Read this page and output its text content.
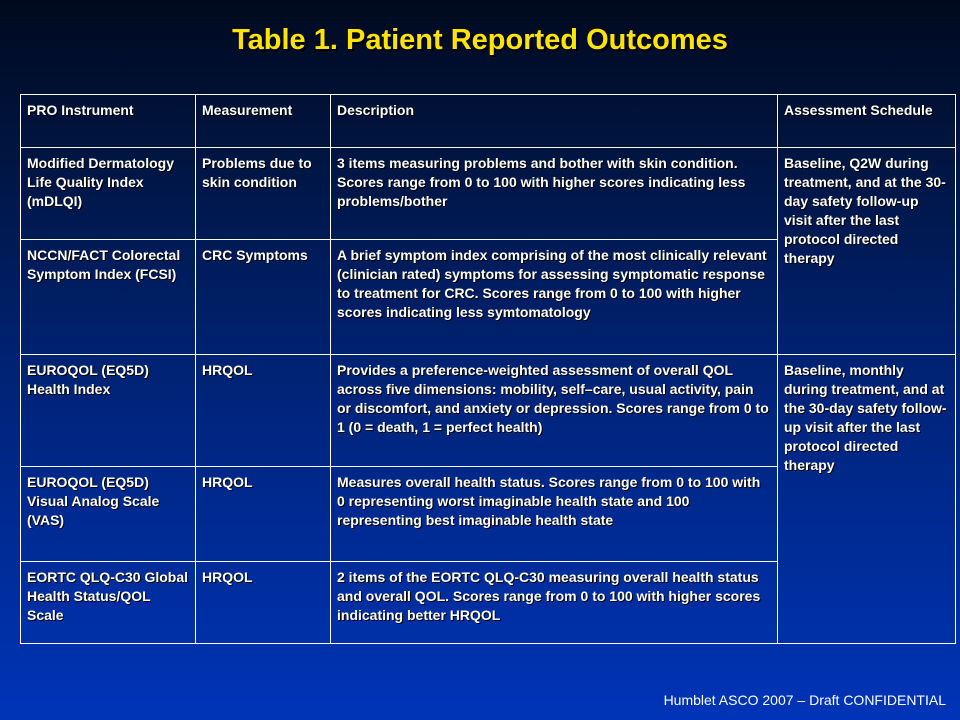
Table 1. Patient Reported Outcomes
PRO Instrument	Measurement	Description	Assessment Schedule
Modified Dermatology Life Quality Index (mDLQI)	Problems due to skin condition	3 items measuring problems and bother with skin condition. Scores range from 0 to 100 with higher scores indicating less problems/bother	Baseline, Q2W during treatment, and at the 30-day safety follow-up visit after the last protocol directed therapy
NCCN/FACT Colorectal Symptom Index (FCSI)	CRC Symptoms	A brief symptom index comprising of the most clinically relevant (clinician rated) symptoms for assessing symptomatic response to treatment for CRC. Scores range from 0 to 100 with higher scores indicating less symtomatology	
EUROQOL (EQ5D) Health Index	HRQOL	Provides a preference-weighted assessment of overall QOL across five dimensions: mobility, self–care, usual activity, pain or discomfort, and anxiety or depression. Scores range from 0 to 1 (0 = death, 1 = perfect health)	Baseline, monthly during treatment, and at the 30-day safety follow-up visit after the last protocol directed therapy
EUROQOL (EQ5D) Visual Analog Scale (VAS)	HRQOL	Measures overall health status. Scores range from 0 to 100 with 0 representing worst imaginable health state and 100 representing best imaginable health state	
EORTC QLQ-C30 Global Health Status/QOL Scale	HRQOL	2 items of the EORTC QLQ-C30 measuring overall health status and overall QOL. Scores range from 0 to 100 with higher scores indicating better HRQOL	
Humblet ASCO 2007 – Draft CONFIDENTIAL
